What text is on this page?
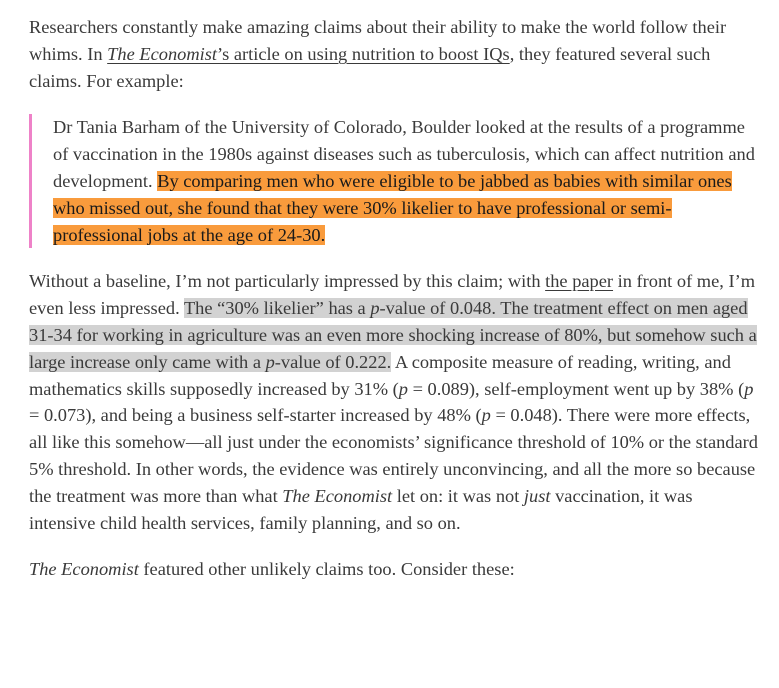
Researchers constantly make amazing claims about their ability to make the world follow their whims. In The Economist’s article on using nutrition to boost IQs, they featured several such claims. For example:

Dr Tania Barham of the University of Colorado, Boulder looked at the results of a programme of vaccination in the 1980s against diseases such as tuberculosis, which can affect nutrition and development. By comparing men who were eligible to be jabbed as babies with similar ones who missed out, she found that they were 30% likelier to have professional or semi-professional jobs at the age of 24-30.

Without a baseline, I’m not particularly impressed by this claim; with the paper in front of me, I’m even less impressed. The “30% likelier” has a p-value of 0.048. The treatment effect on men aged 31-34 for working in agriculture was an even more shocking increase of 80%, but somehow such a large increase only came with a p-value of 0.222. A composite measure of reading, writing, and mathematics skills supposedly increased by 31% (p = 0.089), self-employment went up by 38% (p = 0.073), and being a business self-starter increased by 48% (p = 0.048). There were more effects, all like this somehow—all just under the economists’ significance threshold of 10% or the standard 5% threshold. In other words, the evidence was entirely unconvincing, and all the more so because the treatment was more than what The Economist let on: it was not just vaccination, it was intensive child health services, family planning, and so on.

The Economist featured other unlikely claims too. Consider these:
